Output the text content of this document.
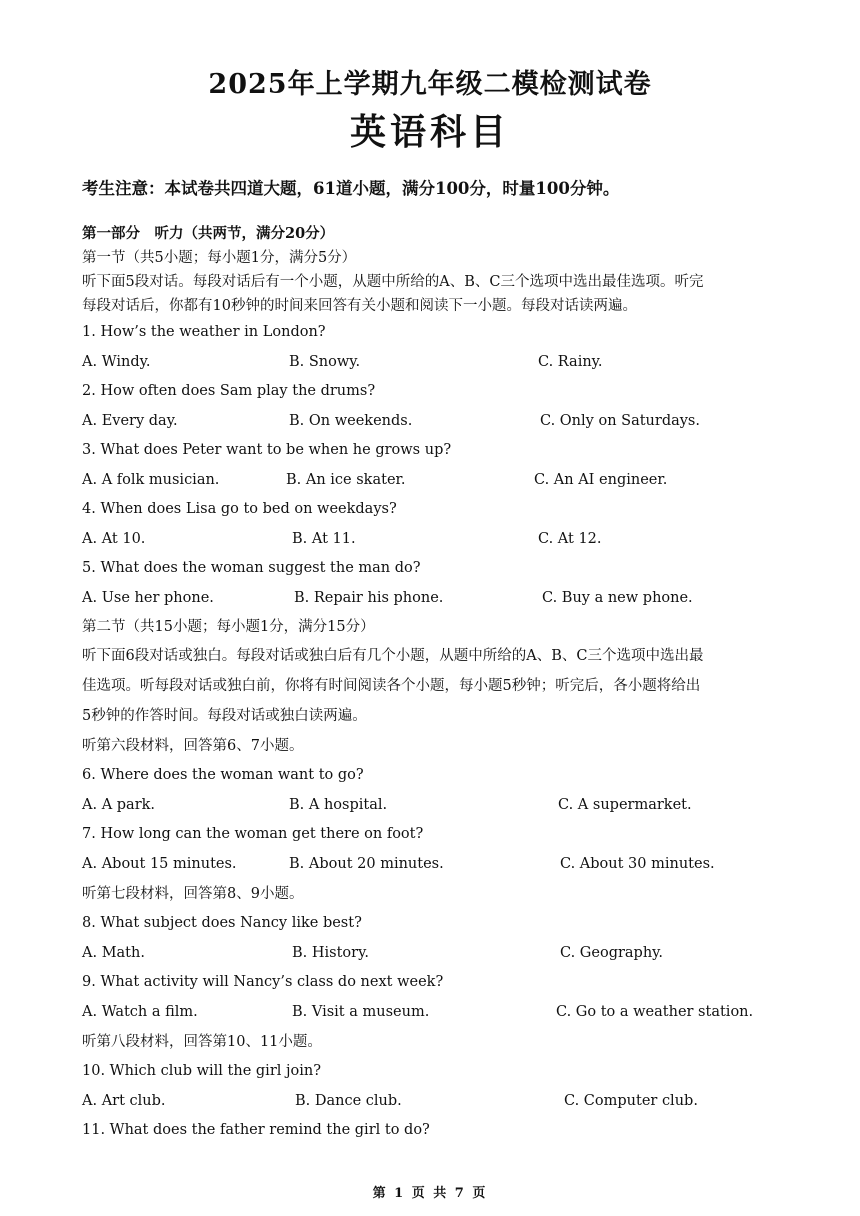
2025年上学期九年级二模检测试卷
英语科目
考生注意：本试卷共四道大题，61道小题，满分100分，时量100分钟。
第一部分　听力（共两节，满分20分）
第一节（共5小题；每小题1分，满分5分）
听下面5段对话。每段对话后有一个小题，从题中所给的A、B、C三个选项中选出最佳选项。听完
每段对话后，你都有10秒钟的时间来回答有关小题和阅读下一小题。每段对话读两遍。
1. How’s the weather in London?
A. Windy.	B. Snowy.	C. Rainy.
2. How often does Sam play the drums?
A. Every day.	B. On weekends.	C. Only on Saturdays.
3. What does Peter want to be when he grows up?
A. A folk musician.	B. An ice skater.	C. An AI engineer.
4. When does Lisa go to bed on weekdays?
A. At 10.	B. At 11.	C. At 12.
5. What does the woman suggest the man do?
A. Use her phone.	B. Repair his phone.	C. Buy a new phone.
第二节（共15小题；每小题1分，满分15分）
听下面6段对话或独白。每段对话或独白后有几个小题，从题中所给的A、B、C三个选项中选出最
佳选项。听每段对话或独白前，你将有时间阅读各个小题，每小题5秒钟；听完后，各小题将给出
5秒钟的作答时间。每段对话或独白读两遍。
听第六段材料，回答第6、7小题。
6. Where does the woman want to go?
A. A park.	B. A hospital.	C. A supermarket.
7. How long can the woman get there on foot?
A. About 15 minutes.	B. About 20 minutes.	C. About 30 minutes.
听第七段材料，回答第8、9小题。
8. What subject does Nancy like best?
A. Math.	B. History.	C. Geography.
9. What activity will Nancy’s class do next week?
A. Watch a film.	B. Visit a museum.	C. Go to a weather station.
听第八段材料，回答第10、11小题。
10. Which club will the girl join?
A. Art club.	B. Dance club.	C. Computer club.
11. What does the father remind the girl to do?
第 1 页 共 7 页
